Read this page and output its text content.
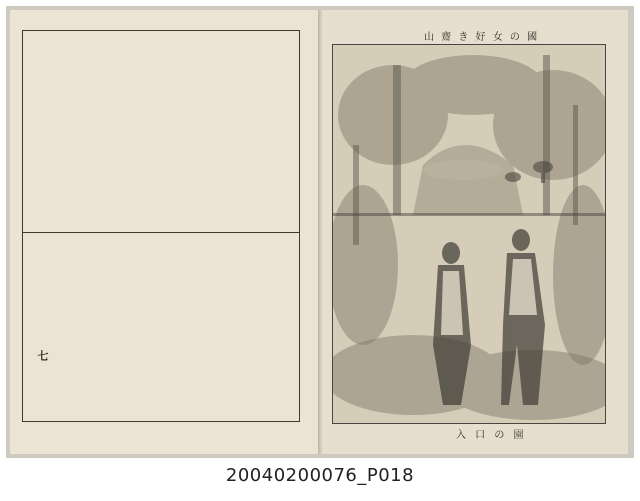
七
山 齋 き 好 女 の 國
入 口 の 園
20040200076_P018
